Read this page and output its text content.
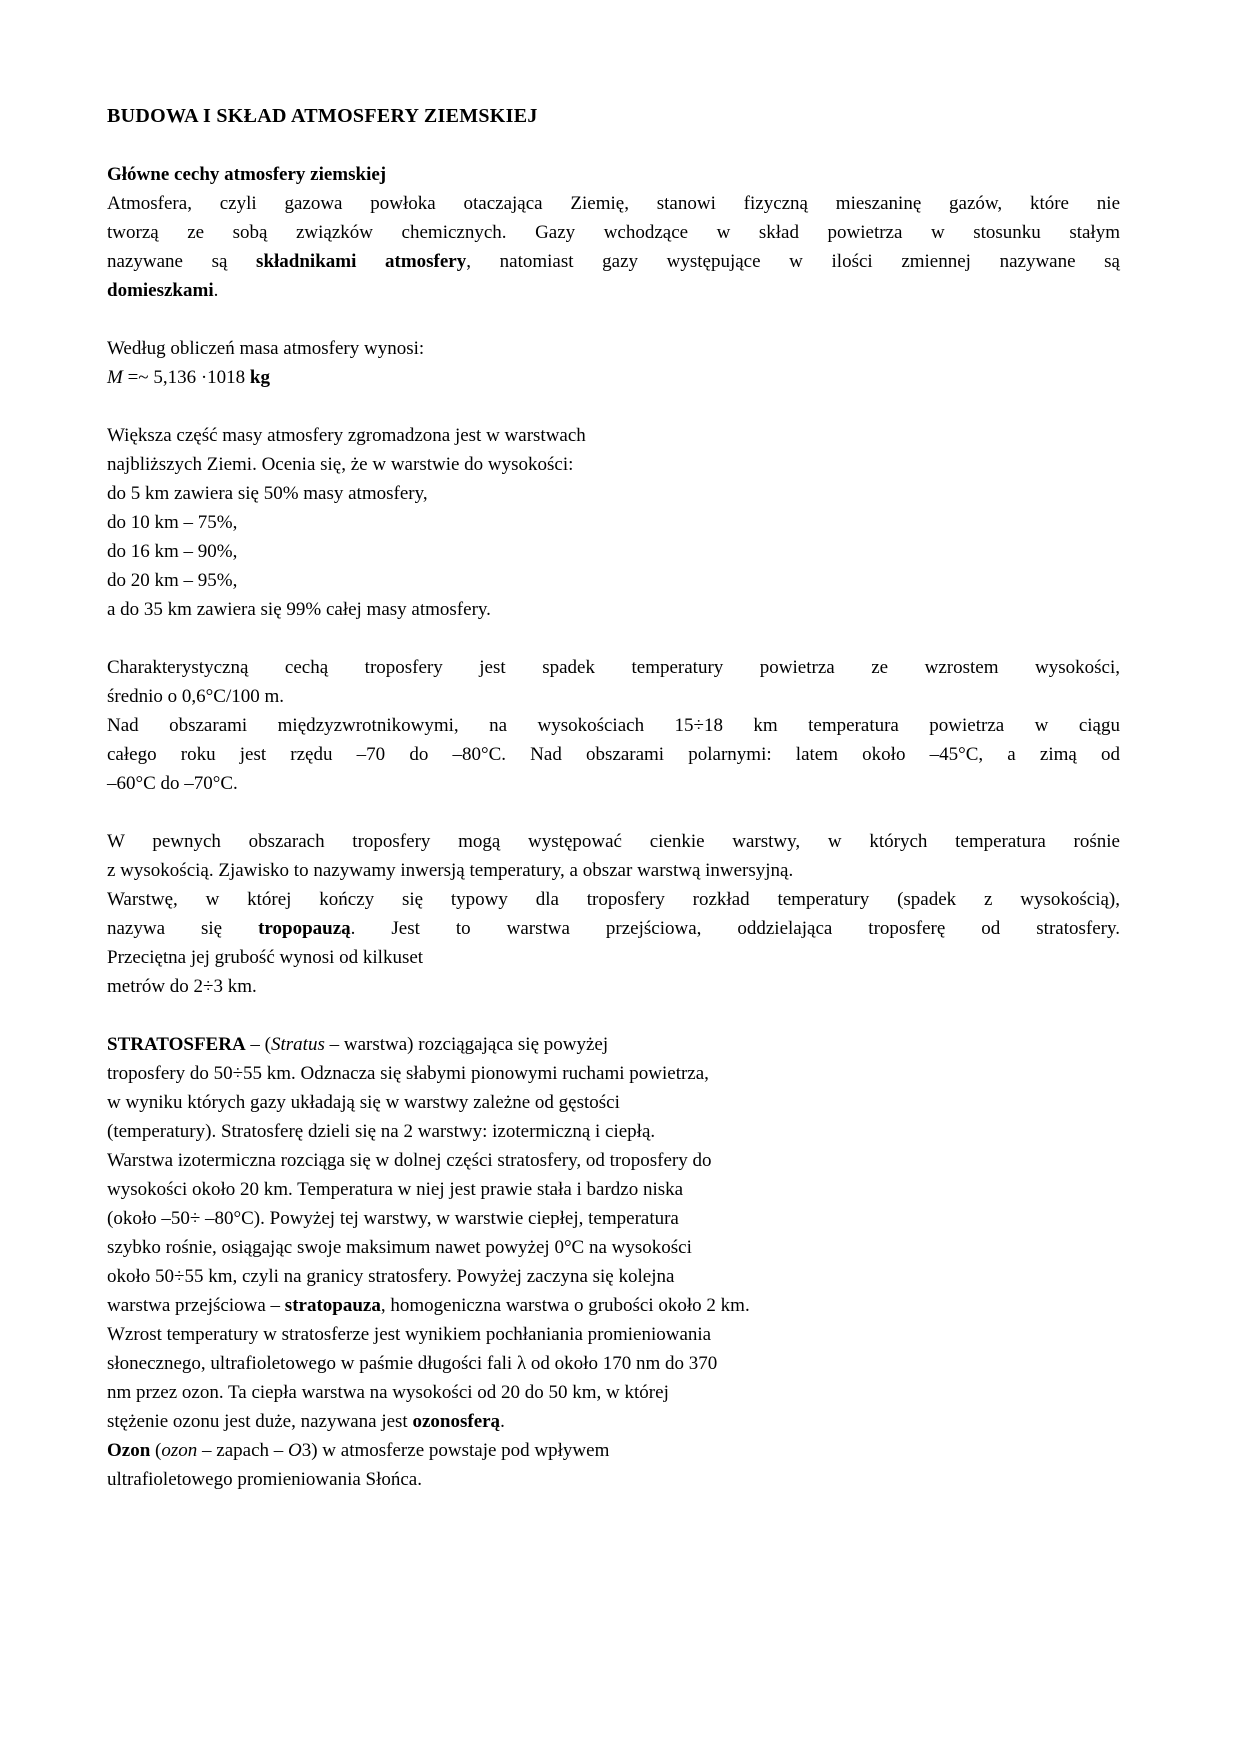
BUDOWA I SKŁAD ATMOSFERY ZIEMSKIEJ
Główne cechy atmosfery ziemskiej
Atmosfera, czyli gazowa powłoka otaczająca Ziemię, stanowi fizyczną mieszaninę gazów, które nie
tworzą ze sobą związków chemicznych. Gazy wchodzące w skład powietrza w stosunku stałym
nazywane są składnikami atmosfery, natomiast gazy występujące w ilości zmiennej nazywane są
domieszkami.
Według obliczeń masa atmosfery wynosi:
M =~ 5,136 ·1018 kg
Większa część masy atmosfery zgromadzona jest w warstwach
najbliższych Ziemi. Ocenia się, że w warstwie do wysokości:
do 5 km zawiera się 50% masy atmosfery,
do 10 km – 75%,
do 16 km – 90%,
do 20 km – 95%,
a do 35 km zawiera się 99% całej masy atmosfery.
Charakterystyczną cechą troposfery jest spadek temperatury powietrza ze wzrostem wysokości,
średnio o 0,6°C/100 m.
Nad obszarami międzyzwrotnikowymi, na wysokościach 15÷18 km temperatura powietrza w ciągu
całego roku jest rzędu –70 do –80°C. Nad obszarami polarnymi: latem około –45°C, a zimą od
–60°C do –70°C.
W pewnych obszarach troposfery mogą występować cienkie warstwy, w których temperatura rośnie
z wysokością. Zjawisko to nazywamy inwersją temperatury, a obszar warstwą inwersyjną.
Warstwę, w której kończy się typowy dla troposfery rozkład temperatury (spadek z wysokością),
nazywa się tropopauzą. Jest to warstwa przejściowa, oddzielająca troposferę od stratosfery.
Przeciętna jej grubość wynosi od kilkuset
metrów do 2÷3 km.
STRATOSFERA – (Stratus – warstwa) rozciągająca się powyżej
troposfery do 50÷55 km. Odznacza się słabymi pionowymi ruchami powietrza,
w wyniku których gazy układają się w warstwy zależne od gęstości
(temperatury). Stratosferę dzieli się na 2 warstwy: izotermiczną i ciepłą.
Warstwa izotermiczna rozciąga się w dolnej części stratosfery, od troposfery do
wysokości około 20 km. Temperatura w niej jest prawie stała i bardzo niska
(około –50÷ –80°C). Powyżej tej warstwy, w warstwie ciepłej, temperatura
szybko rośnie, osiągając swoje maksimum nawet powyżej 0°C na wysokości
około 50÷55 km, czyli na granicy stratosfery. Powyżej zaczyna się kolejna
warstwa przejściowa – stratopauza, homogeniczna warstwa o grubości około 2 km.
Wzrost temperatury w stratosferze jest wynikiem pochłaniania promieniowania
słonecznego, ultrafioletowego w paśmie długości fali λ od około 170 nm do 370
nm przez ozon. Ta ciepła warstwa na wysokości od 20 do 50 km, w której
stężenie ozonu jest duże, nazywana jest ozonosferą.
Ozon (ozon – zapach – O3) w atmosferze powstaje pod wpływem
ultrafioletowego promieniowania Słońca.
